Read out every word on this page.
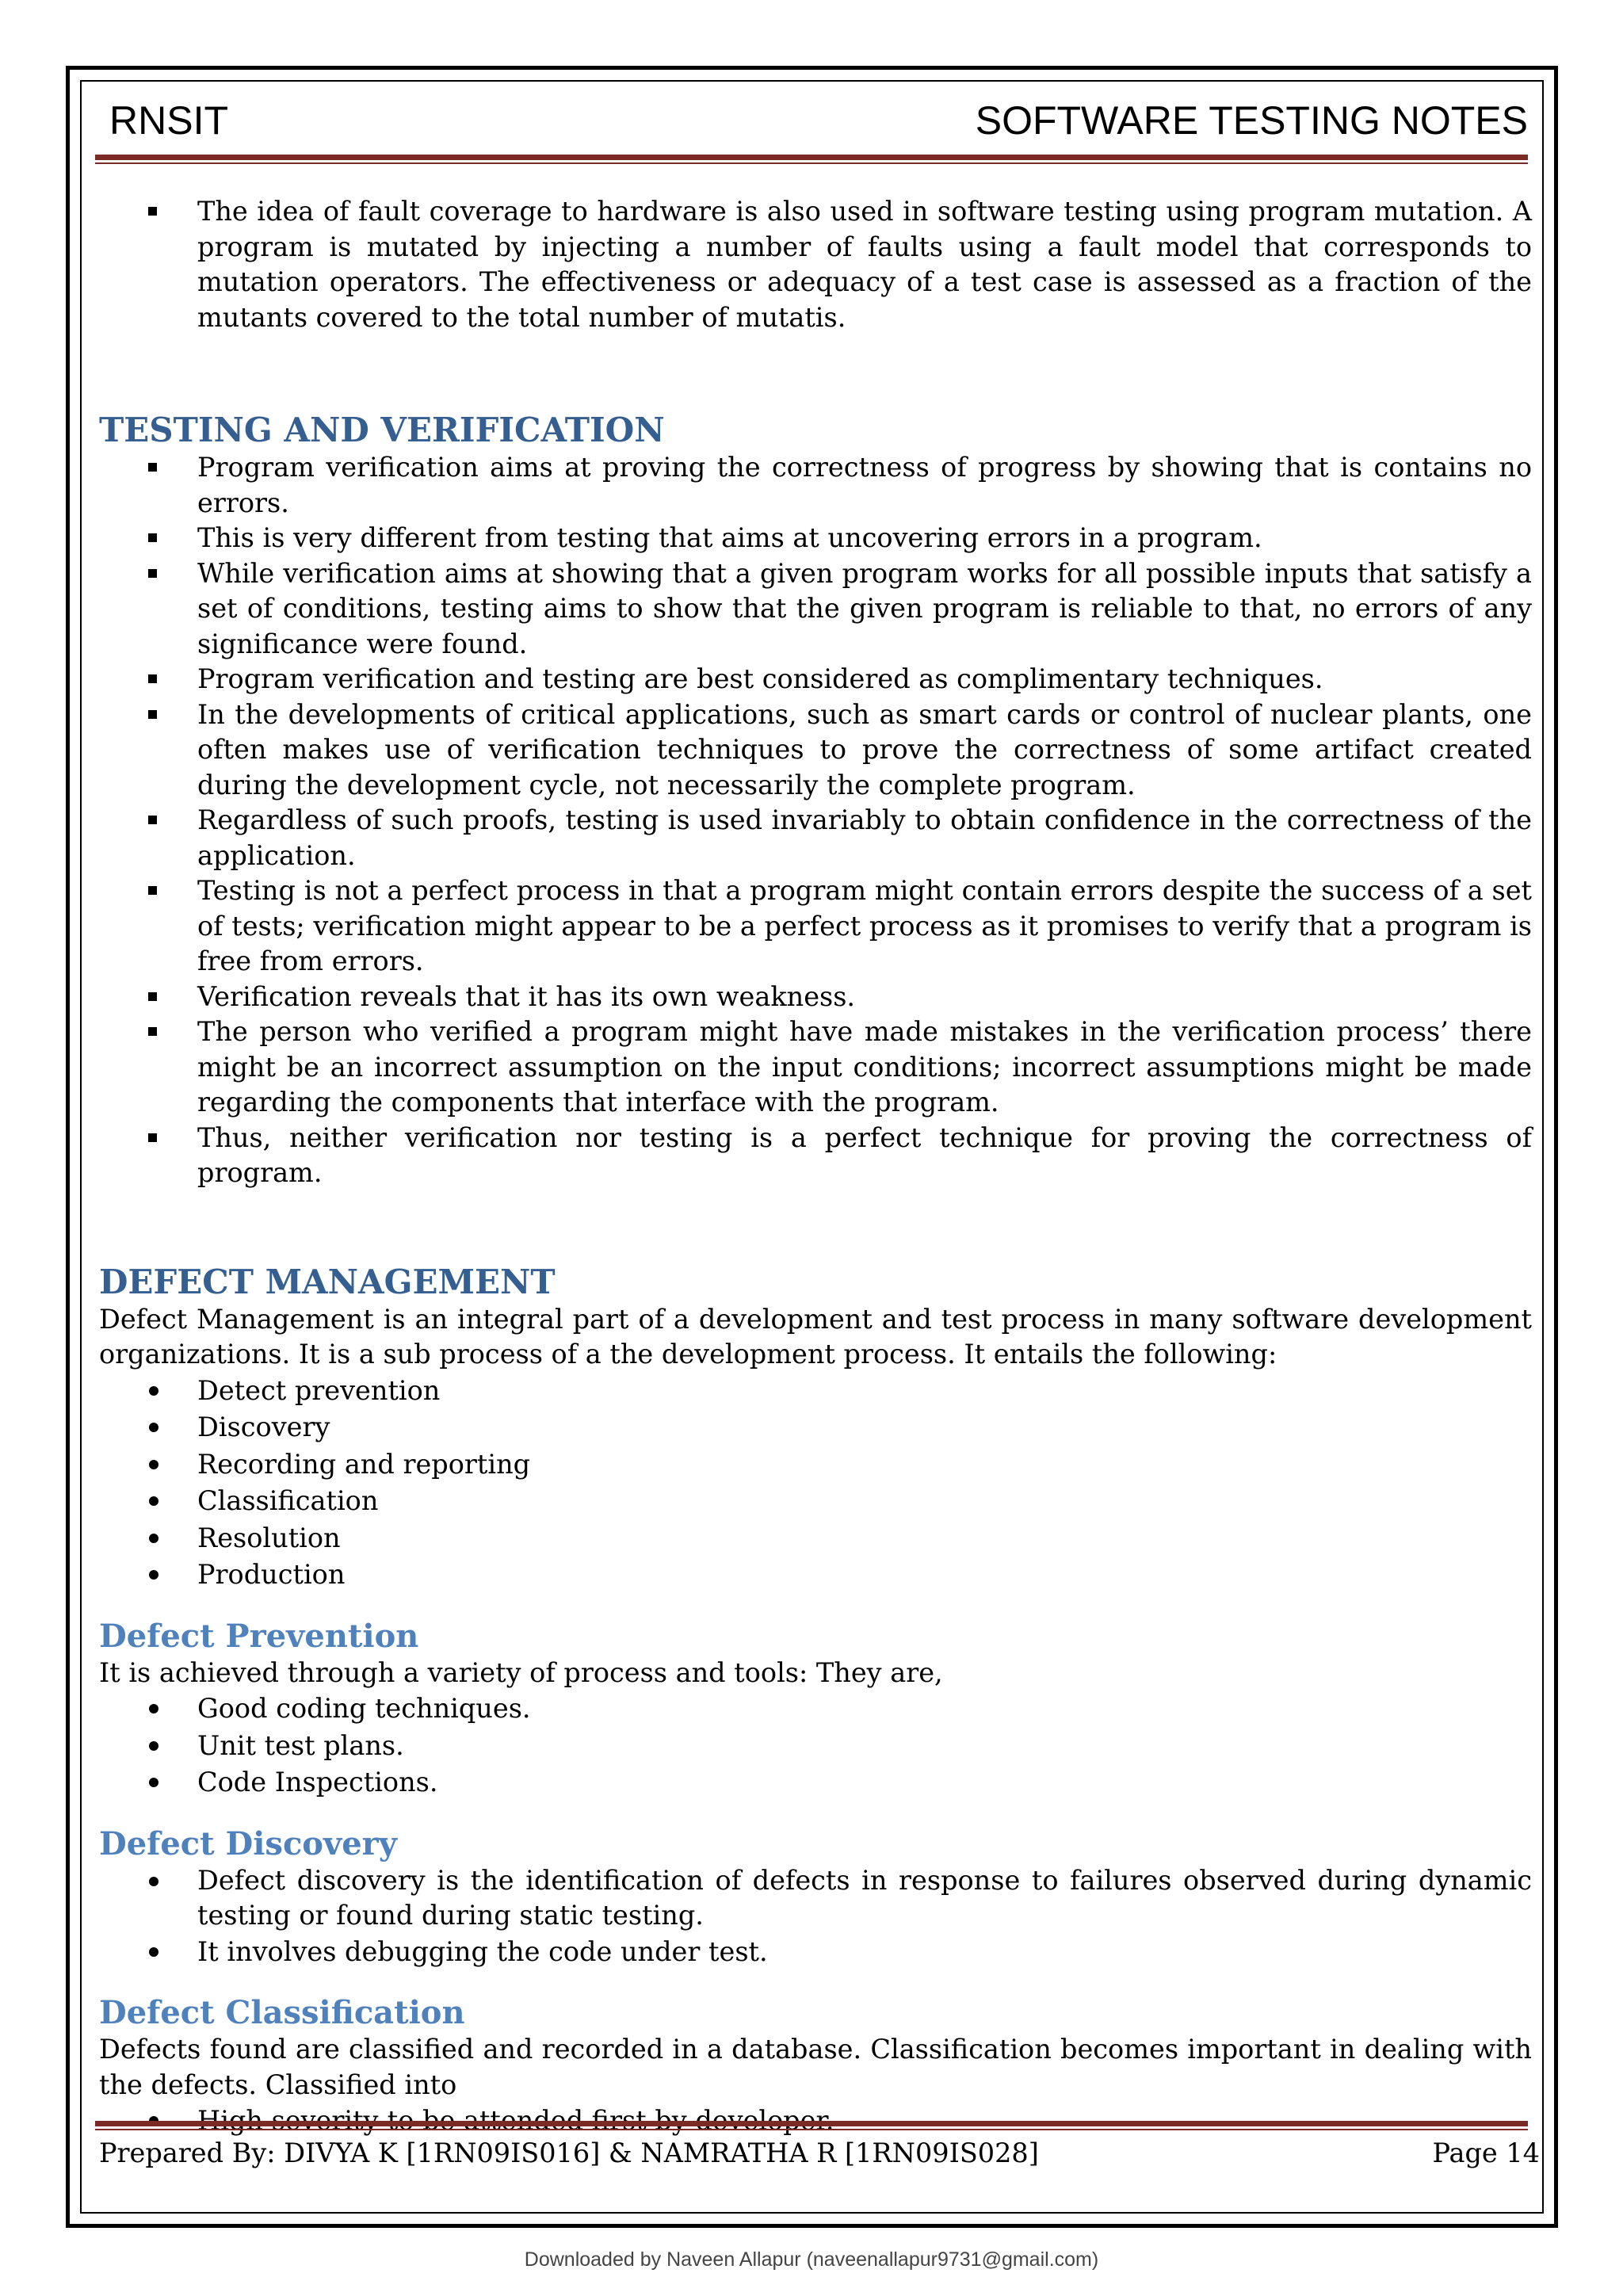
RNSIT	SOFTWARE TESTING NOTES
The idea of fault coverage to hardware is also used in software testing using program mutation. A program is mutated by injecting a number of faults using a fault model that corresponds to mutation operators. The effectiveness or adequacy of a test case is assessed as a fraction of the mutants covered to the total number of mutatis.
TESTING AND VERIFICATION
Program verification aims at proving the correctness of progress by showing that is contains no errors.
This is very different from testing that aims at uncovering errors in a program.
While verification aims at showing that a given program works for all possible inputs that satisfy a set of conditions, testing aims to show that the given program is reliable to that, no errors of any significance were found.
Program verification and testing are best considered as complimentary techniques.
In the developments of critical applications, such as smart cards or control of nuclear plants, one often makes use of verification techniques to prove the correctness of some artifact created during the development cycle, not necessarily the complete program.
Regardless of such proofs, testing is used invariably to obtain confidence in the correctness of the application.
Testing is not a perfect process in that a program might contain errors despite the success of a set of tests; verification might appear to be a perfect process as it promises to verify that a program is free from errors.
Verification reveals that it has its own weakness.
The person who verified a program might have made mistakes in the verification process’ there might be an incorrect assumption on the input conditions; incorrect assumptions might be made regarding the components that interface with the program.
Thus, neither verification nor testing is a perfect technique for proving the correctness of program.
DEFECT MANAGEMENT

Defect Management is an integral part of a development and test process in many software development organizations. It is a sub process of a the development process. It entails the following:

Detect prevention
Discovery
Recording and reporting
Classification
Resolution
Production
Defect Prevention

It is achieved through a variety of process and tools: They are,

Good coding techniques.
Unit test plans.
Code Inspections.
Defect Discovery
Defect discovery is the identification of defects in response to failures observed during dynamic testing or found during static testing.
It involves debugging the code under test.
Defect Classification

Defects found are classified and recorded in a database. Classification becomes important in dealing with the defects. Classified into

Prepared By: DIVYA K [1RN09IS016] & NAMRATHA R [1RN09IS028]	Page 14
Downloaded by Naveen Allapur (naveenallapur9731@gmail.com)
